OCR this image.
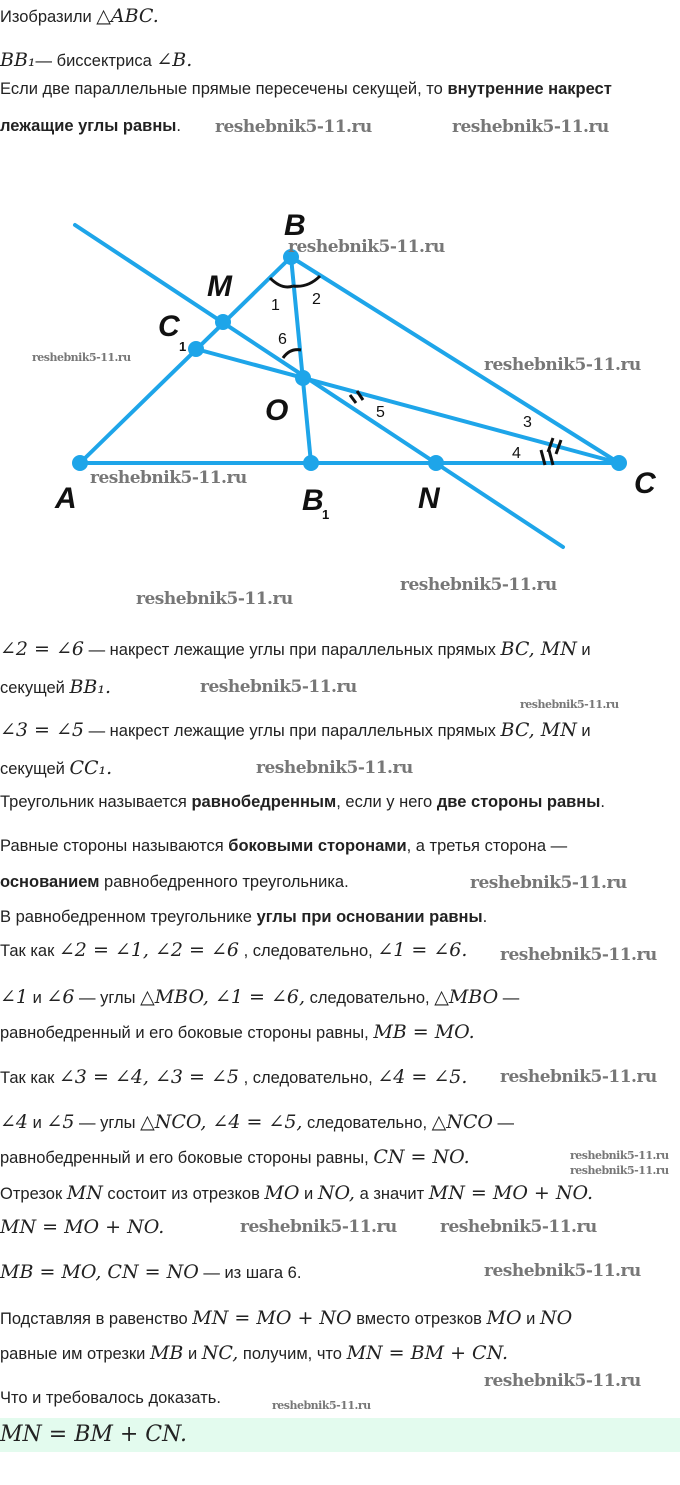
Изобразили △ABC.
BB₁— биссектриса ∠B.
Если две параллельные прямые пересечены секущей, то внутренние накрест
лежащие углы равны.
∠2 = ∠6 — накрест лежащие углы при параллельных прямых BC, MN и
секущей BB₁.
∠3 = ∠5 — накрест лежащие углы при параллельных прямых BC, MN и
секущей CC₁.
Треугольник называется равнобедренным, если у него две стороны равны.
Равные стороны называются боковыми сторонами, а третья сторона —
основанием равнобедренного треугольника.
В равнобедренном треугольнике углы при основании равны.
Так как ∠2 = ∠1, ∠2 = ∠6 , следовательно, ∠1 = ∠6.
∠1 и ∠6 — углы △MBO, ∠1 = ∠6, следовательно, △MBO —
равнобедренный и его боковые стороны равны, MB = MO.
Так как ∠3 = ∠4, ∠3 = ∠5 , следовательно, ∠4 = ∠5.
∠4 и ∠5 — углы △NCO, ∠4 = ∠5, следовательно, △NCO —
равнобедренный и его боковые стороны равны, CN = NO.
Отрезок MN состоит из отрезков MO и NO, а значит MN = MO + NO.
MN = MO + NO.
MB = MO, CN = NO — из шага 6.
Подставляя в равенство MN = MO + NO вместо отрезков MO и NO
равные им отрезки MB и NC, получим, что MN = BM + CN.
Что и требовалось доказать.
MN = BM + CN.
A
B
C
M
N
O
C
1
B
1
1 2
3
4
5
6
reshebnik5-11.ru	reshebnik5-11.ru
reshebnik5-11.ru
reshebnik5-11.ru	reshebnik5-11.ru
reshebnik5-11.ru
reshebnik5-11.ru
reshebnik5-11.ru
reshebnik5-11.ru
reshebnik5-11.ru
reshebnik5-11.ru
reshebnik5-11.ru
reshebnik5-11.ru
reshebnik5-11.ru
reshebnik5-11.ru
reshebnik5-11.ru
reshebnik5-11.ru	reshebnik5-11.ru
reshebnik5-11.ru
reshebnik5-11.ru
reshebnik5-11.ru
